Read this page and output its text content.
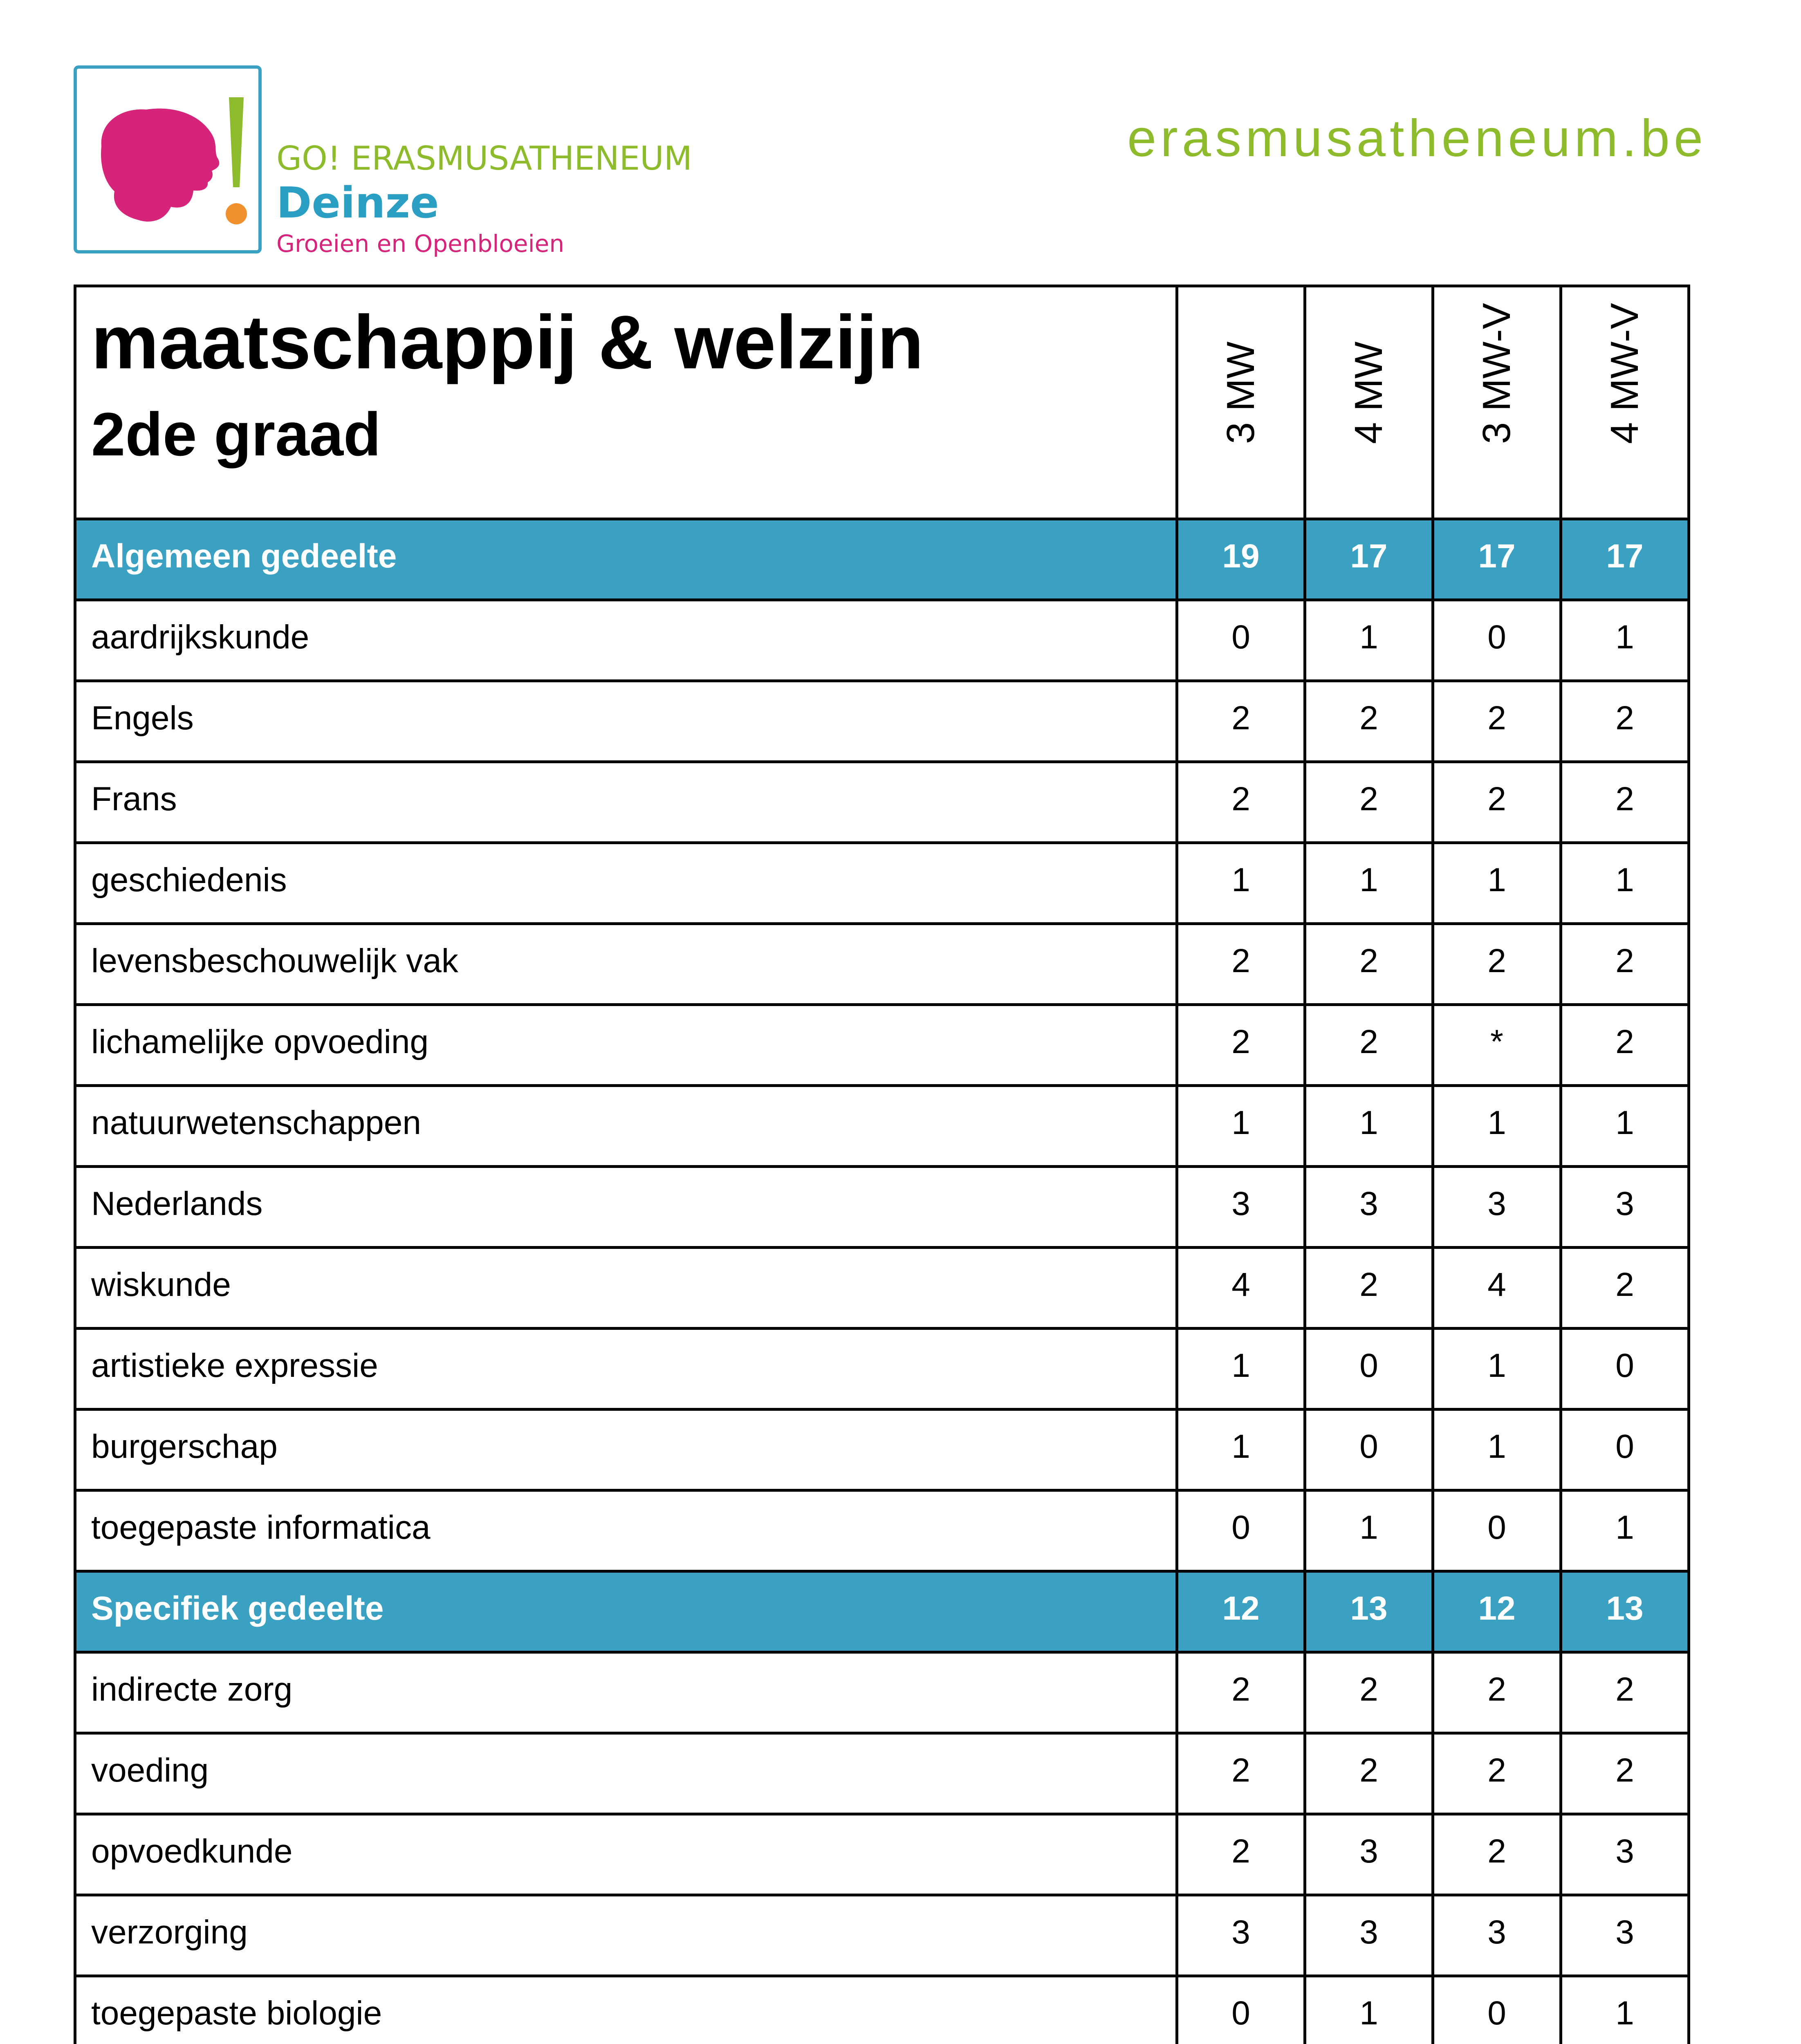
GO! ERASMUSATHENEUM
Deinze
Groeien en Openbloeien
erasmusatheneum.be
maatschappij & welzijn
2de graad	3 MW	4 MW	3 MW-V	4 MW-V

Algemeen gedeelte	19	17	17	17
aardrijkskunde	0	1	0	1
Engels	2	2	2	2
Frans	2	2	2	2
geschiedenis	1	1	1	1
levensbeschouwelijk vak	2	2	2	2
lichamelijke opvoeding	2	2	*	2
natuurwetenschappen	1	1	1	1
Nederlands	3	3	3	3
wiskunde	4	2	4	2
artistieke expressie	1	0	1	0
burgerschap	1	0	1	0
toegepaste informatica	0	1	0	1
Specifiek gedeelte	12	13	12	13
indirecte zorg	2	2	2	2
voeding	2	2	2	2
opvoedkunde	2	3	2	3
verzorging	3	3	3	3
toegepaste biologie	0	1	0	1
